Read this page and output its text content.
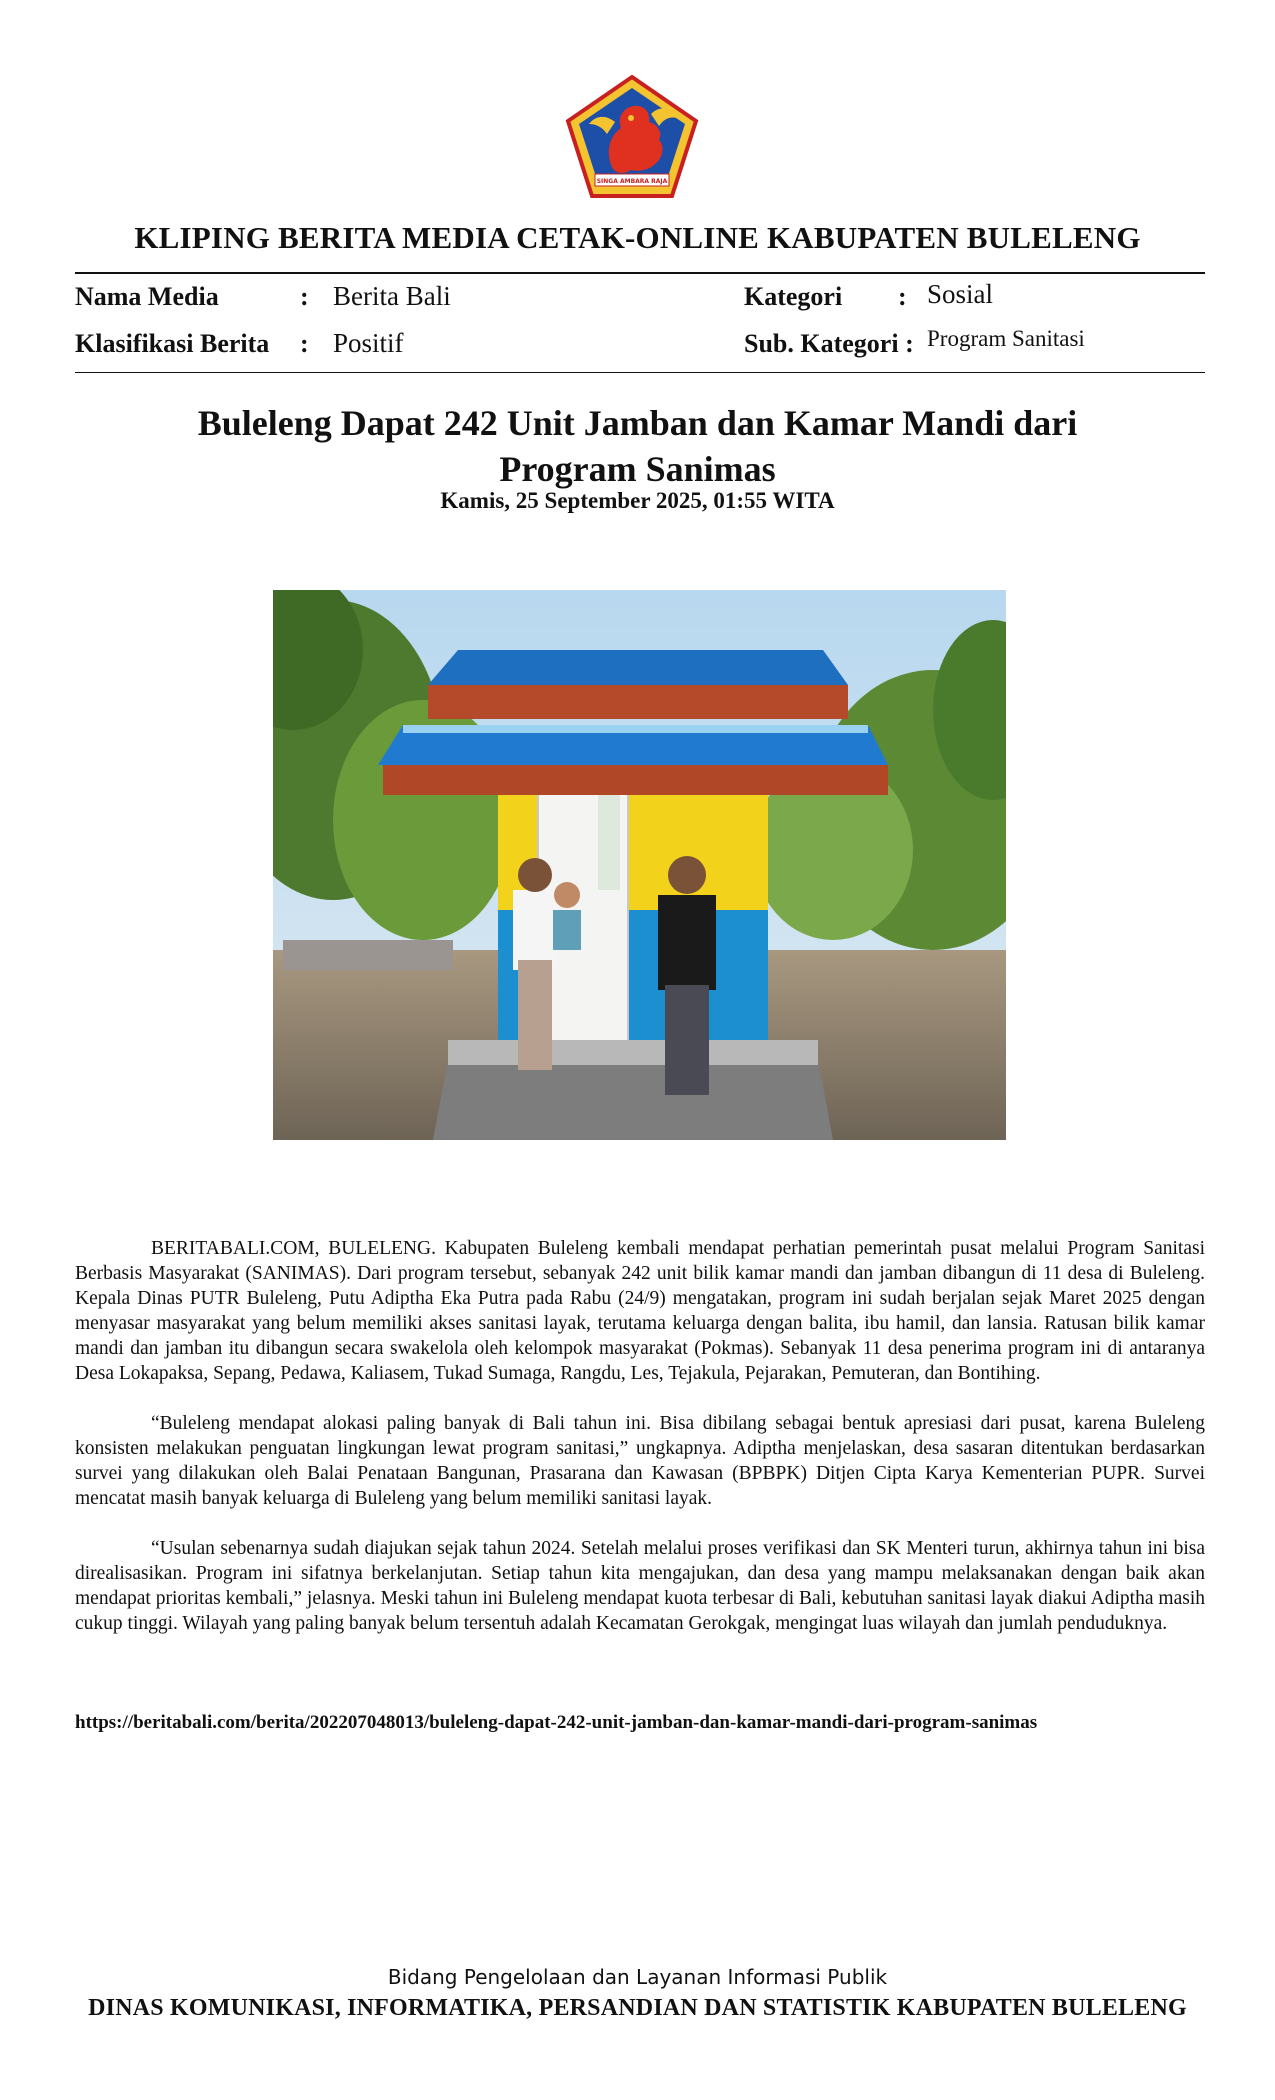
SINGA AMBARA RAJA
KLIPING BERITA MEDIA CETAK-ONLINE KABUPATEN BULELENG
Nama Media	: Berita Bali
Klasifikasi Berita : Positif
Kategori : Sosial
Sub. Kategori : Program Sanitasi
Buleleng Dapat 242 Unit Jamban dan Kamar Mandi dari
Program Sanimas
Kamis, 25 September 2025, 01:55 WITA

BERITABALI.COM, BULELENG. Kabupaten Buleleng kembali mendapat perhatian pemerintah pusat melalui Program Sanitasi Berbasis Masyarakat (SANIMAS). Dari program tersebut, sebanyak 242 unit bilik kamar mandi dan jamban dibangun di 11 desa di Buleleng. Kepala Dinas PUTR Buleleng, Putu Adiptha Eka Putra pada Rabu (24/9) mengatakan, program ini sudah berjalan sejak Maret 2025 dengan menyasar masyarakat yang belum memiliki akses sanitasi layak, terutama keluarga dengan balita, ibu hamil, dan lansia. Ratusan bilik kamar mandi dan jamban itu dibangun secara swakelola oleh kelompok masyarakat (Pokmas). Sebanyak 11 desa penerima program ini di antaranya Desa Lokapaksa, Sepang, Pedawa, Kaliasem, Tukad Sumaga, Rangdu, Les, Tejakula, Pejarakan, Pemuteran, dan Bontihing.

“Buleleng mendapat alokasi paling banyak di Bali tahun ini. Bisa dibilang sebagai bentuk apresiasi dari pusat, karena Buleleng konsisten melakukan penguatan lingkungan lewat program sanitasi,” ungkapnya. Adiptha menjelaskan, desa sasaran ditentukan berdasarkan survei yang dilakukan oleh Balai Penataan Bangunan, Prasarana dan Kawasan (BPBPK) Ditjen Cipta Karya Kementerian PUPR. Survei mencatat masih banyak keluarga di Buleleng yang belum memiliki sanitasi layak.

“Usulan sebenarnya sudah diajukan sejak tahun 2024. Setelah melalui proses verifikasi dan SK Menteri turun, akhirnya tahun ini bisa direalisasikan. Program ini sifatnya berkelanjutan. Setiap tahun kita mengajukan, dan desa yang mampu melaksanakan dengan baik akan mendapat prioritas kembali,” jelasnya. Meski tahun ini Buleleng mendapat kuota terbesar di Bali, kebutuhan sanitasi layak diakui Adiptha masih cukup tinggi. Wilayah yang paling banyak belum tersentuh adalah Kecamatan Gerokgak, mengingat luas wilayah dan jumlah penduduknya.

https://beritabali.com/berita/202207048013/buleleng-dapat-242-unit-jamban-dan-kamar-mandi-dari-program-sanimas
Bidang Pengelolaan dan Layanan Informasi Publik
DINAS KOMUNIKASI, INFORMATIKA, PERSANDIAN DAN STATISTIK KABUPATEN BULELENG
